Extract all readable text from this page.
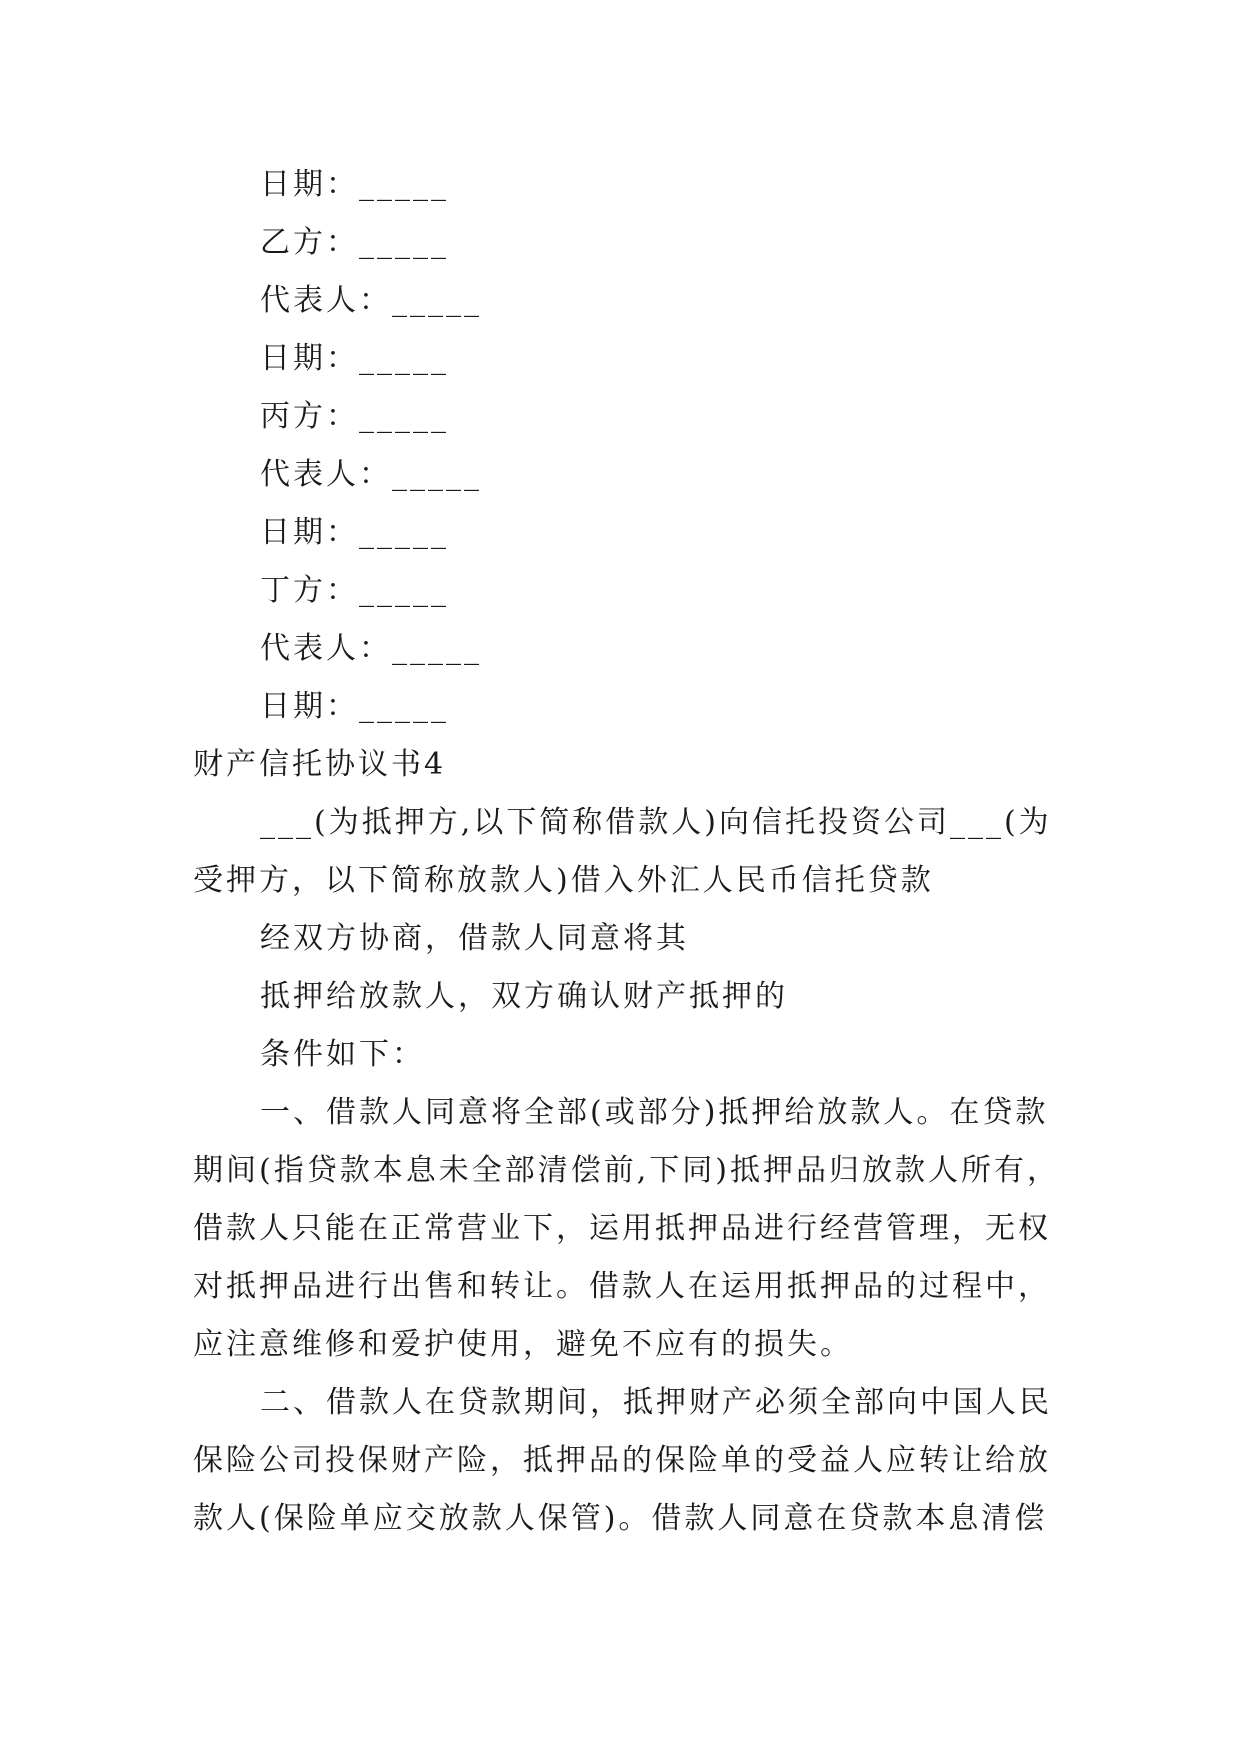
日期：_____
乙方：_____
代表人：_____
日期：_____
丙方：_____
代表人：_____
日期：_____
丁方：_____
代表人：_____
日期：_____
财产信托协议书4
___(为抵押方,以下简称借款人)向信托投资公司___(为
受押方，以下简称放款人)借入外汇人民币信托贷款
经双方协商，借款人同意将其
抵押给放款人，双方确认财产抵押的
条件如下：
一、借款人同意将全部(或部分)抵押给放款人。在贷款
期间(指贷款本息未全部清偿前,下同)抵押品归放款人所有，
借款人只能在正常营业下，运用抵押品进行经营管理，无权
对抵押品进行出售和转让。借款人在运用抵押品的过程中，
应注意维修和爱护使用，避免不应有的损失。
二、借款人在贷款期间，抵押财产必须全部向中国人民
保险公司投保财产险，抵押品的保险单的受益人应转让给放
款人(保险单应交放款人保管)。借款人同意在贷款本息清偿
